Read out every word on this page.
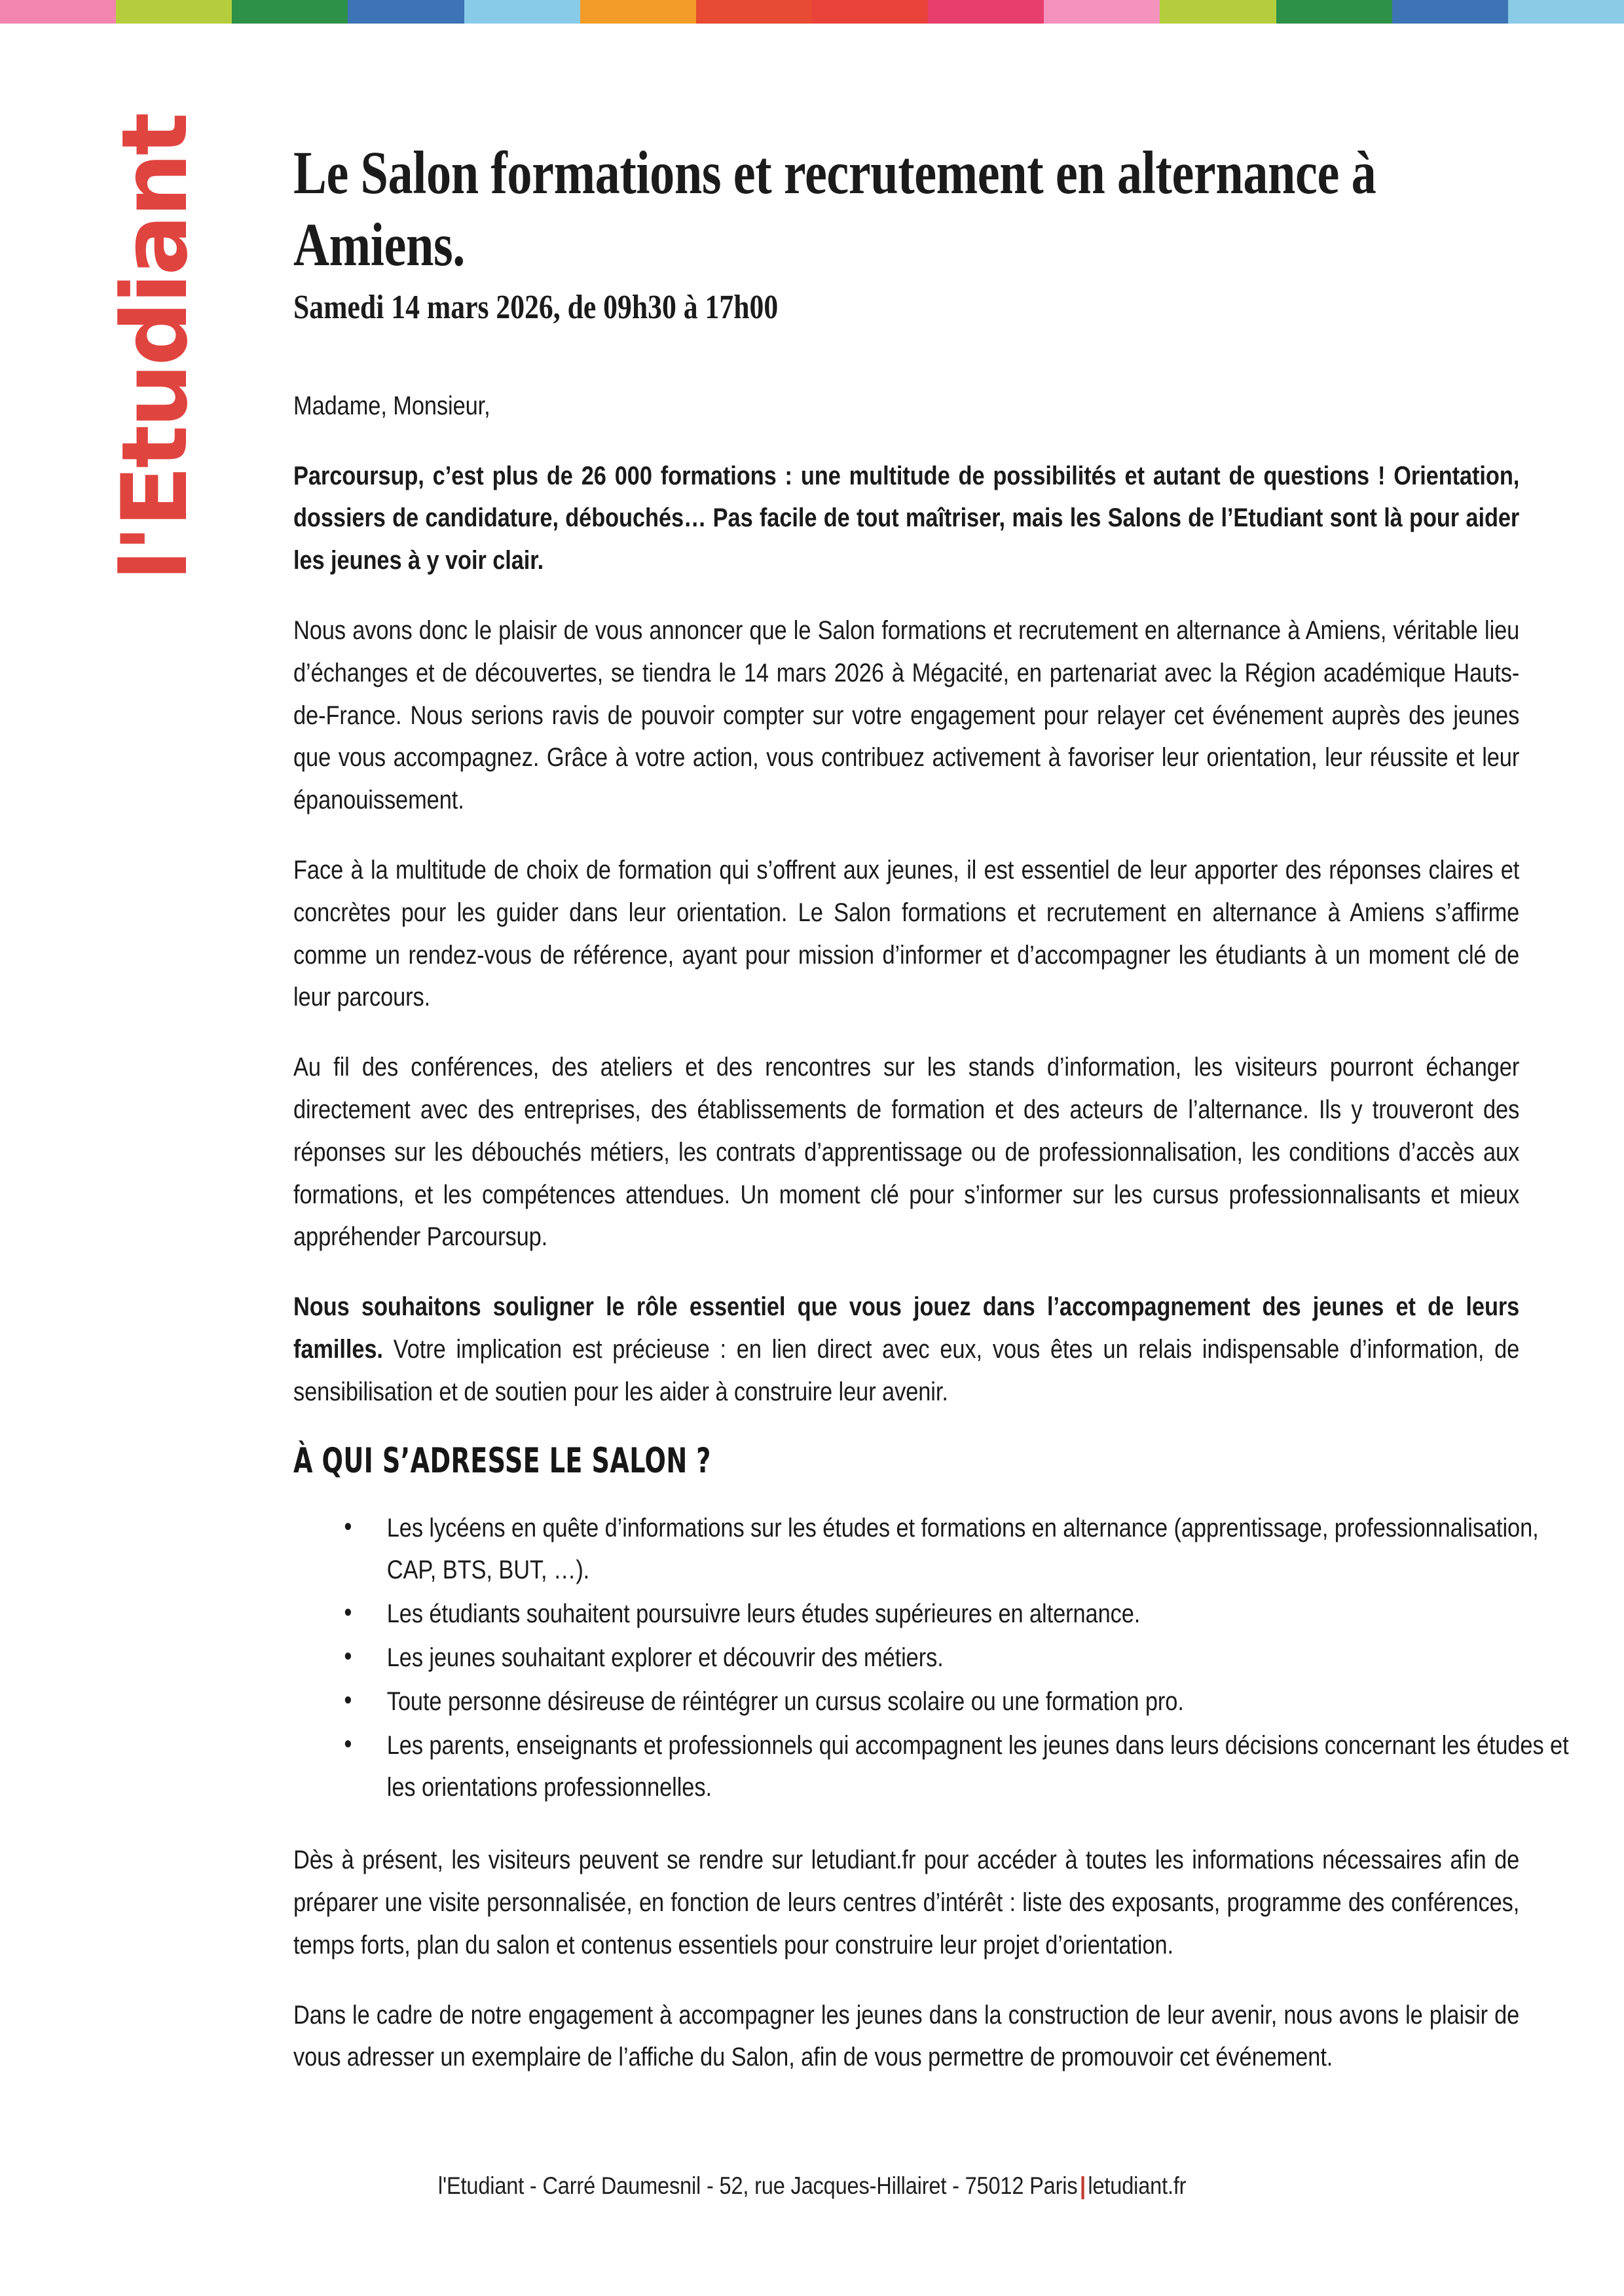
l'Etudiant Le Salon formations et recrutement en alternance à Amiens.
Samedi 14 mars 2026, de 09h30 à 17h00

Madame, Monsieur,

Parcoursup, c’est plus de 26 000 formations : une multitude de possibilités et autant de questions ! Orientation, dossiers de candidature, débouchés… Pas facile de tout maîtriser, mais les Salons de l’Etudiant sont là pour aider les jeunes à y voir clair.

Nous avons donc le plaisir de vous annoncer que le Salon formations et recrutement en alternance à Amiens, véritable lieu d’échanges et de découvertes, se tiendra le 14 mars 2026 à Mégacité, en partenariat avec la Région académique Hauts-de-France. Nous serions ravis de pouvoir compter sur votre engagement pour relayer cet événement auprès des jeunes que vous accompagnez. Grâce à votre action, vous contribuez activement à favoriser leur orientation, leur réussite et leur épanouissement.

Face à la multitude de choix de formation qui s’offrent aux jeunes, il est essentiel de leur apporter des réponses claires et concrètes pour les guider dans leur orientation. Le Salon formations et recrutement en alternance à Amiens s’affirme comme un rendez-vous de référence, ayant pour mission d’informer et d’accompagner les étudiants à un moment clé de leur parcours.

Au fil des conférences, des ateliers et des rencontres sur les stands d’information, les visiteurs pourront échanger directement avec des entreprises, des établissements de formation et des acteurs de l’alternance. Ils y trouveront des réponses sur les débouchés métiers, les contrats d’apprentissage ou de professionnalisation, les conditions d’accès aux formations, et les compétences attendues. Un moment clé pour s’informer sur les cursus professionnalisants et mieux appréhender Parcoursup.

Nous souhaitons souligner le rôle essentiel que vous jouez dans l’accompagnement des jeunes et de leurs familles. Votre implication est précieuse : en lien direct avec eux, vous êtes un relais indispensable d’information, de sensibilisation et de soutien pour les aider à construire leur avenir.

À QUI S’ADRESSE LE SALON ?
• Les lycéens en quête d’informations sur les études et formations en alternance (apprentissage, professionnalisation, CAP, BTS, BUT, …).
• Les étudiants souhaitent poursuivre leurs études supérieures en alternance.
• Les jeunes souhaitant explorer et découvrir des métiers.
• Toute personne désireuse de réintégrer un cursus scolaire ou une formation pro.
• Les parents, enseignants et professionnels qui accompagnent les jeunes dans leurs décisions concernant les études et les orientations professionnelles.

Dès à présent, les visiteurs peuvent se rendre sur letudiant.fr pour accéder à toutes les informations nécessaires afin de préparer une visite personnalisée, en fonction de leurs centres d’intérêt : liste des exposants, programme des conférences, temps forts, plan du salon et contenus essentiels pour construire leur projet d’orientation.

Dans le cadre de notre engagement à accompagner les jeunes dans la construction de leur avenir, nous avons le plaisir de vous adresser un exemplaire de l’affiche du Salon, afin de vous permettre de promouvoir cet événement.

l'Etudiant - Carré Daumesnil - 52, rue Jacques-Hillairet - 75012 Paris|letudiant.fr
